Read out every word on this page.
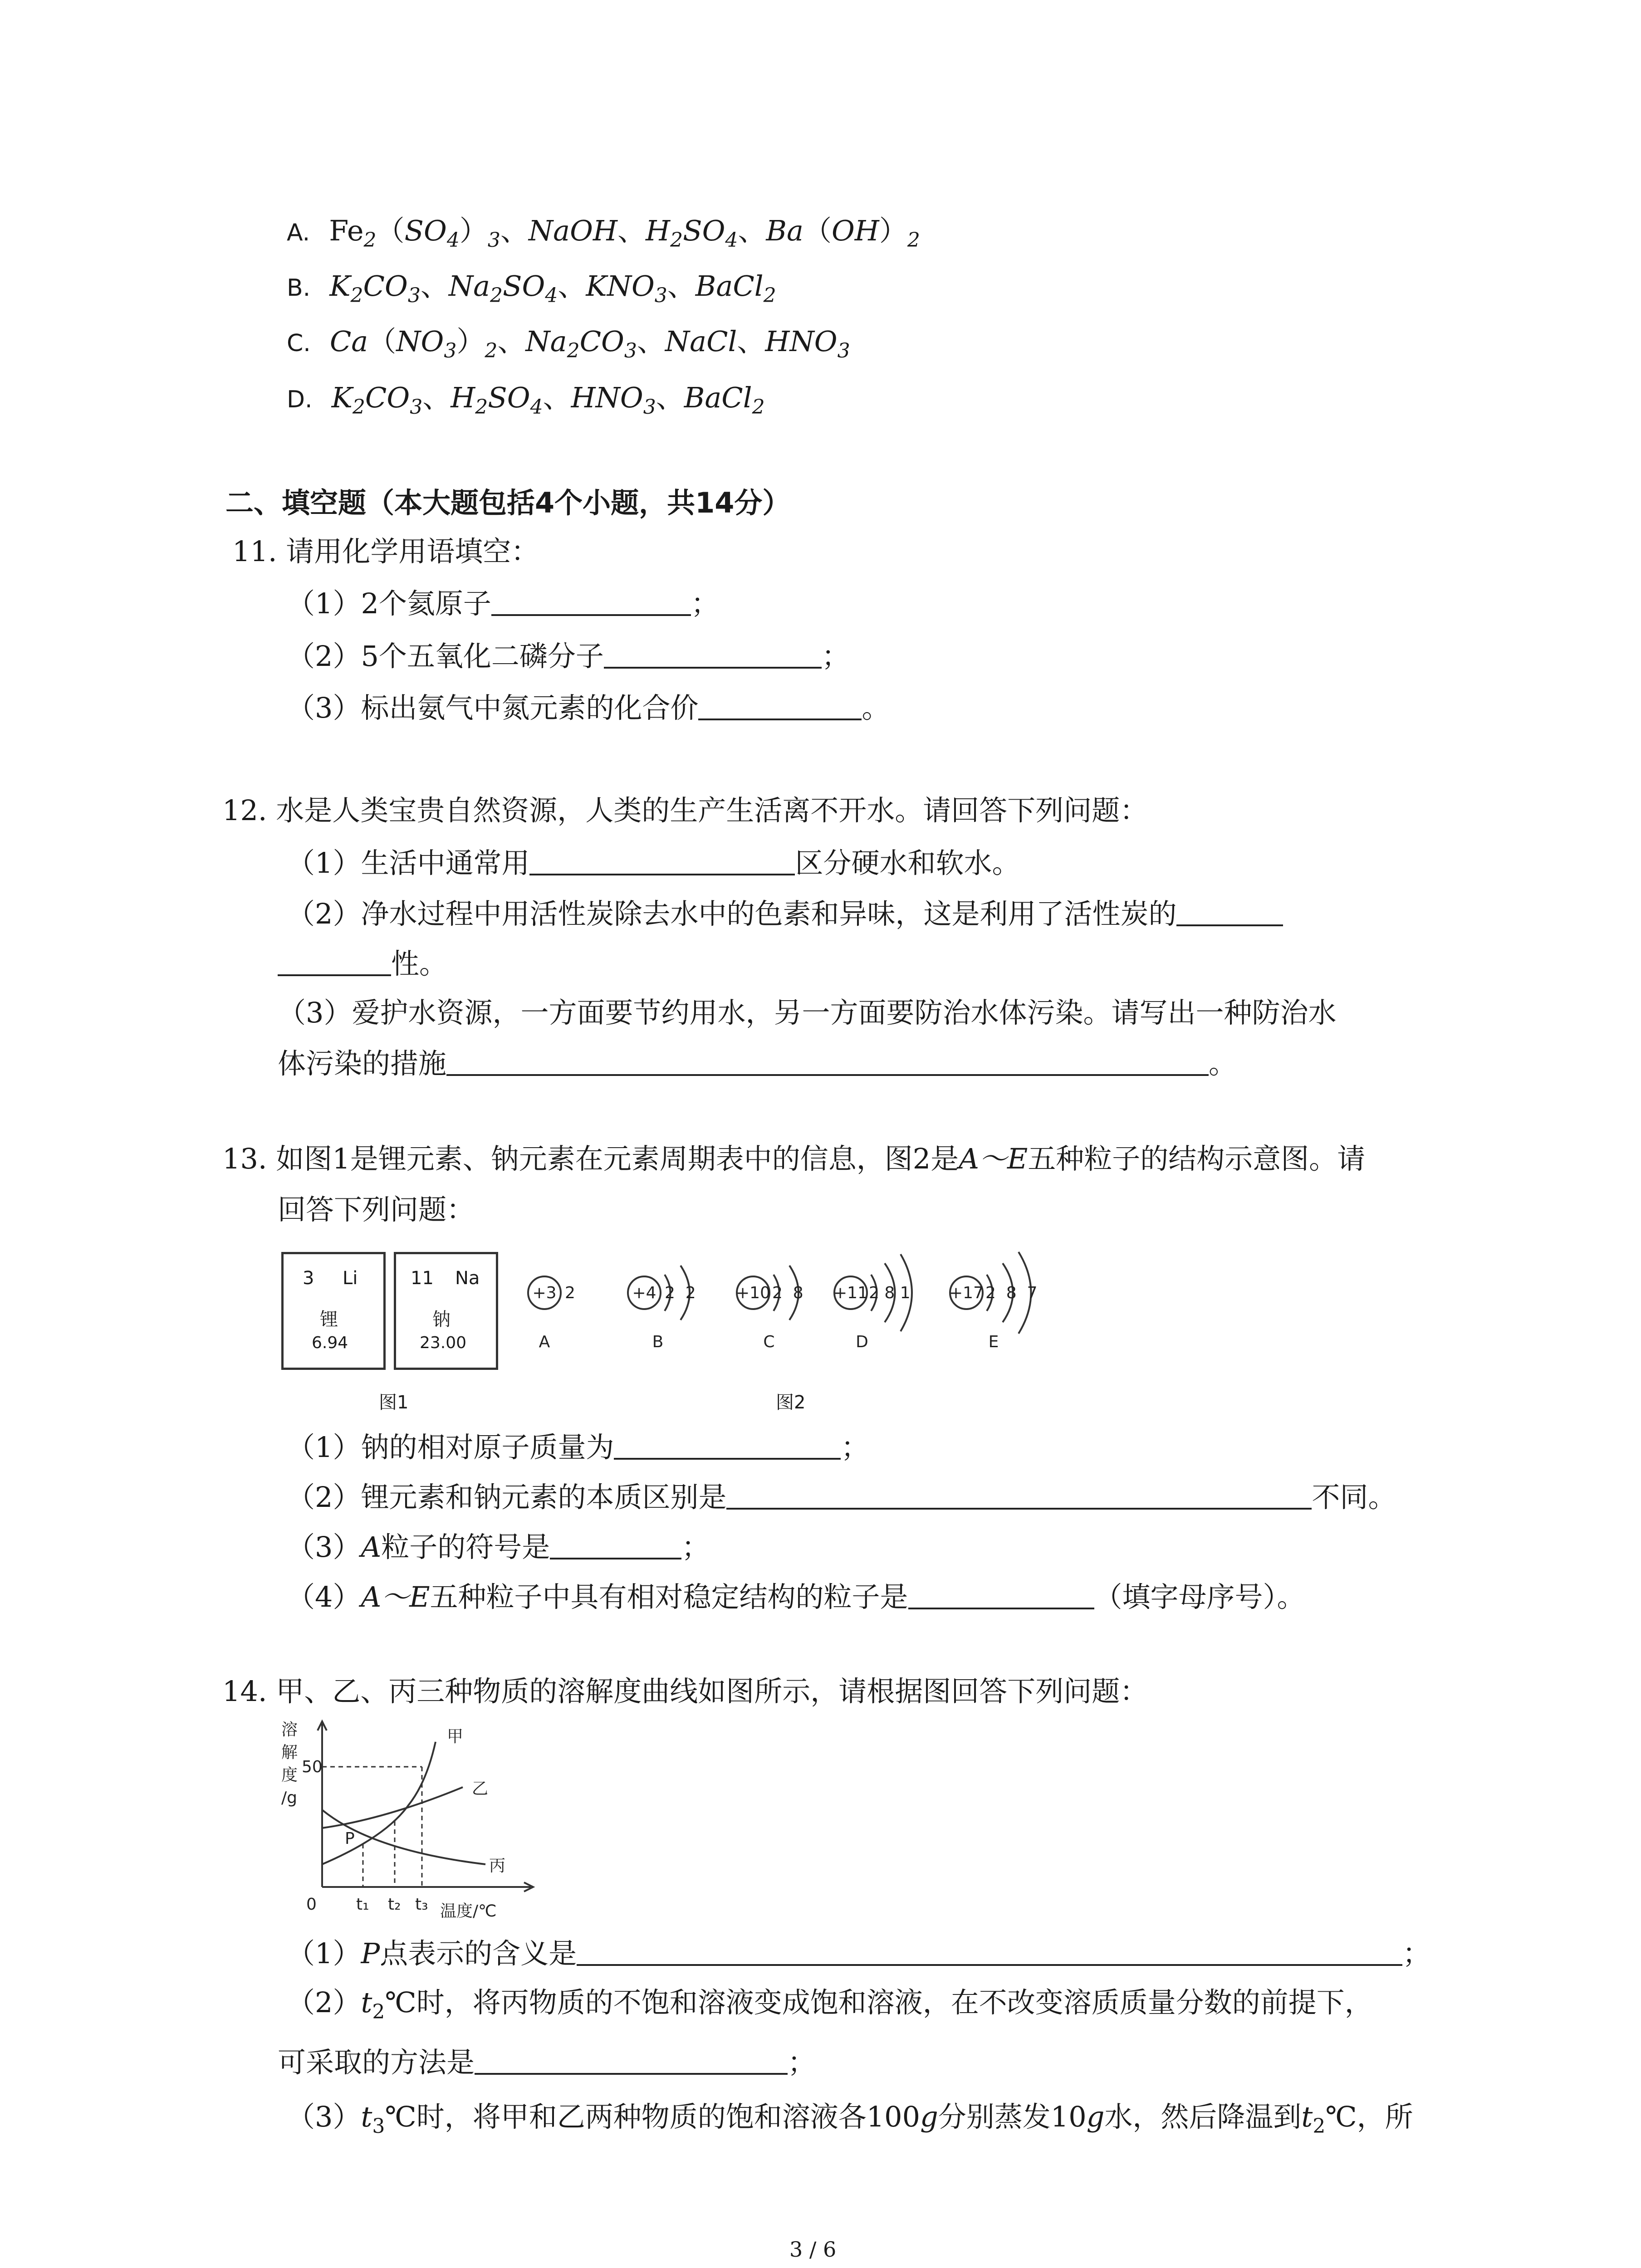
A. $Fe_2(SO_4)_3$、NaOH、$H_2SO_4$、$Ba(OH)_2$
B. $K_2CO_3$、$Na_2SO_4$、$KNO_3$、BaCl$_2$
C. $Ca(NO_3)_2$、$Na_2CO_3$、NaCl、$HNO_3$
D. $K_2CO_3$、$H_2SO_4$、$HNO_3$、BaCl$_2$
二、填空题（本大题包括4个小题，共14分）
11. 请用化学用语填空：
（1）2个氦原子	；
（2）5个五氧化二磷分子	；
（3）标出氨气中氮元素的化合价	。
12. 水是人类宝贵自然资源，人类的生产生活离不开水。请回答下列问题：
（1）生活中通常用	区分硬水和软水。
（2）净水过程中用活性炭除去水中的色素和异味，这是利用了活性炭的
性。
（3）爱护水资源，一方面要节约用水，另一方面要防治水体污染。请写出一种防治水
体污染的措施	。
13. 如图1是锂元素、钠元素在元素周期表中的信息，图2是A～E五种粒子的结构示意图。请
回答下列问题：
3 Li
锂
6.94
11 Na
钠
23.00
图1
+3 2
A
+4 2  2
B
+10 2  8
C
+11 2 8 1
D
+17 2  8  7
E
图2
（1）钠的相对原子质量为	；
（2）锂元素和钠元素的本质区别是	不同。
（3）A粒子的符号是	；
（4）A～E五种粒子中具有相对稳定结构的粒子是	（填字母序号）。
14. 甲、乙、丙三种物质的溶解度曲线如图所示，请根据图回答下列问题：
溶
解
度
/g
50
0 t₁ t₂ t₃ 温度/℃
甲
乙
丙
P
（1）P点表示的含义是	；
$(2)t_2℃$时，将丙物质的不饱和溶液变成饱和溶液，在不改变溶质质量分数的前提下，
可采取的方法是	；
$(3)t_3℃$时，将甲和乙两种物质的饱和溶液各100g分别蒸发10g水，然后降温到$t_2℃$，所
3 / 6
